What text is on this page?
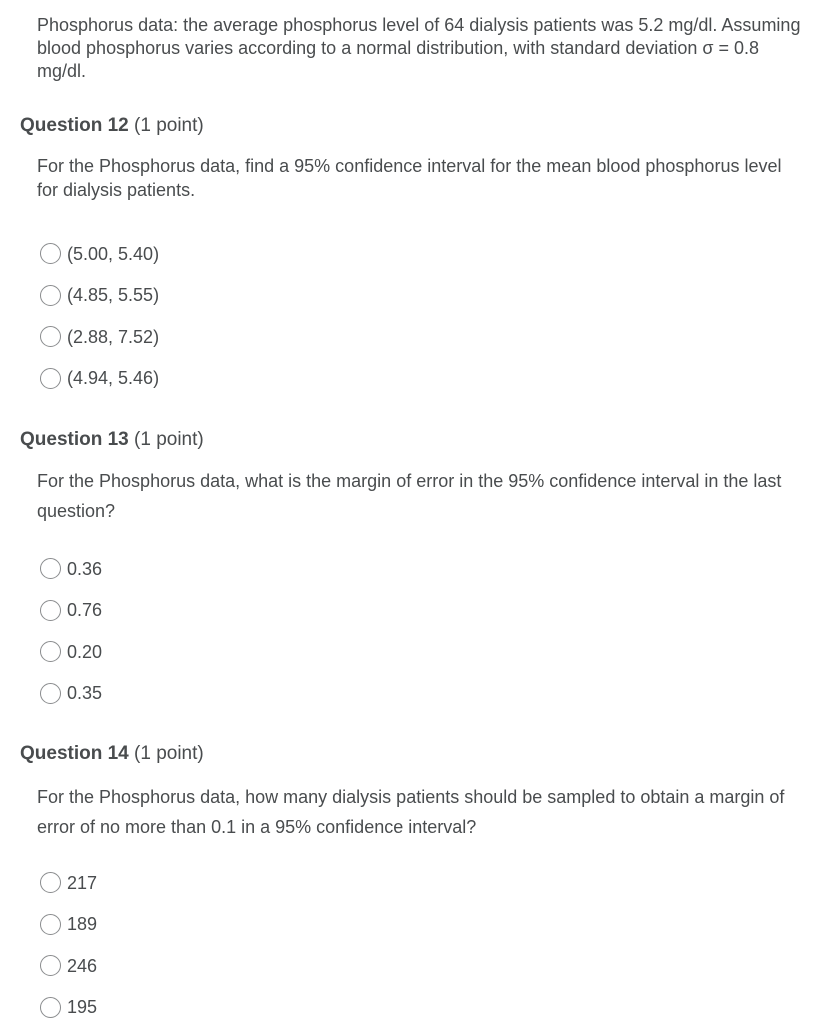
Phosphorus data: the average phosphorus level of 64 dialysis patients was 5.2 mg/dl. Assuming blood phosphorus varies according to a normal distribution, with standard deviation σ = 0.8 mg/dl.

Question 12 (1 point)

For the Phosphorus data, find a 95% confidence interval for the mean blood phosphorus level for dialysis patients.

(5.00, 5.40)
(4.85, 5.55)
(2.88, 7.52)
(4.94, 5.46)
Question 13 (1 point)

For the Phosphorus data, what is the margin of error in the 95% confidence interval in the last question?

0.36
0.76
0.20
0.35
Question 14 (1 point)

For the Phosphorus data, how many dialysis patients should be sampled to obtain a margin of error of no more than 0.1 in a 95% confidence interval?

217
189
246
195
